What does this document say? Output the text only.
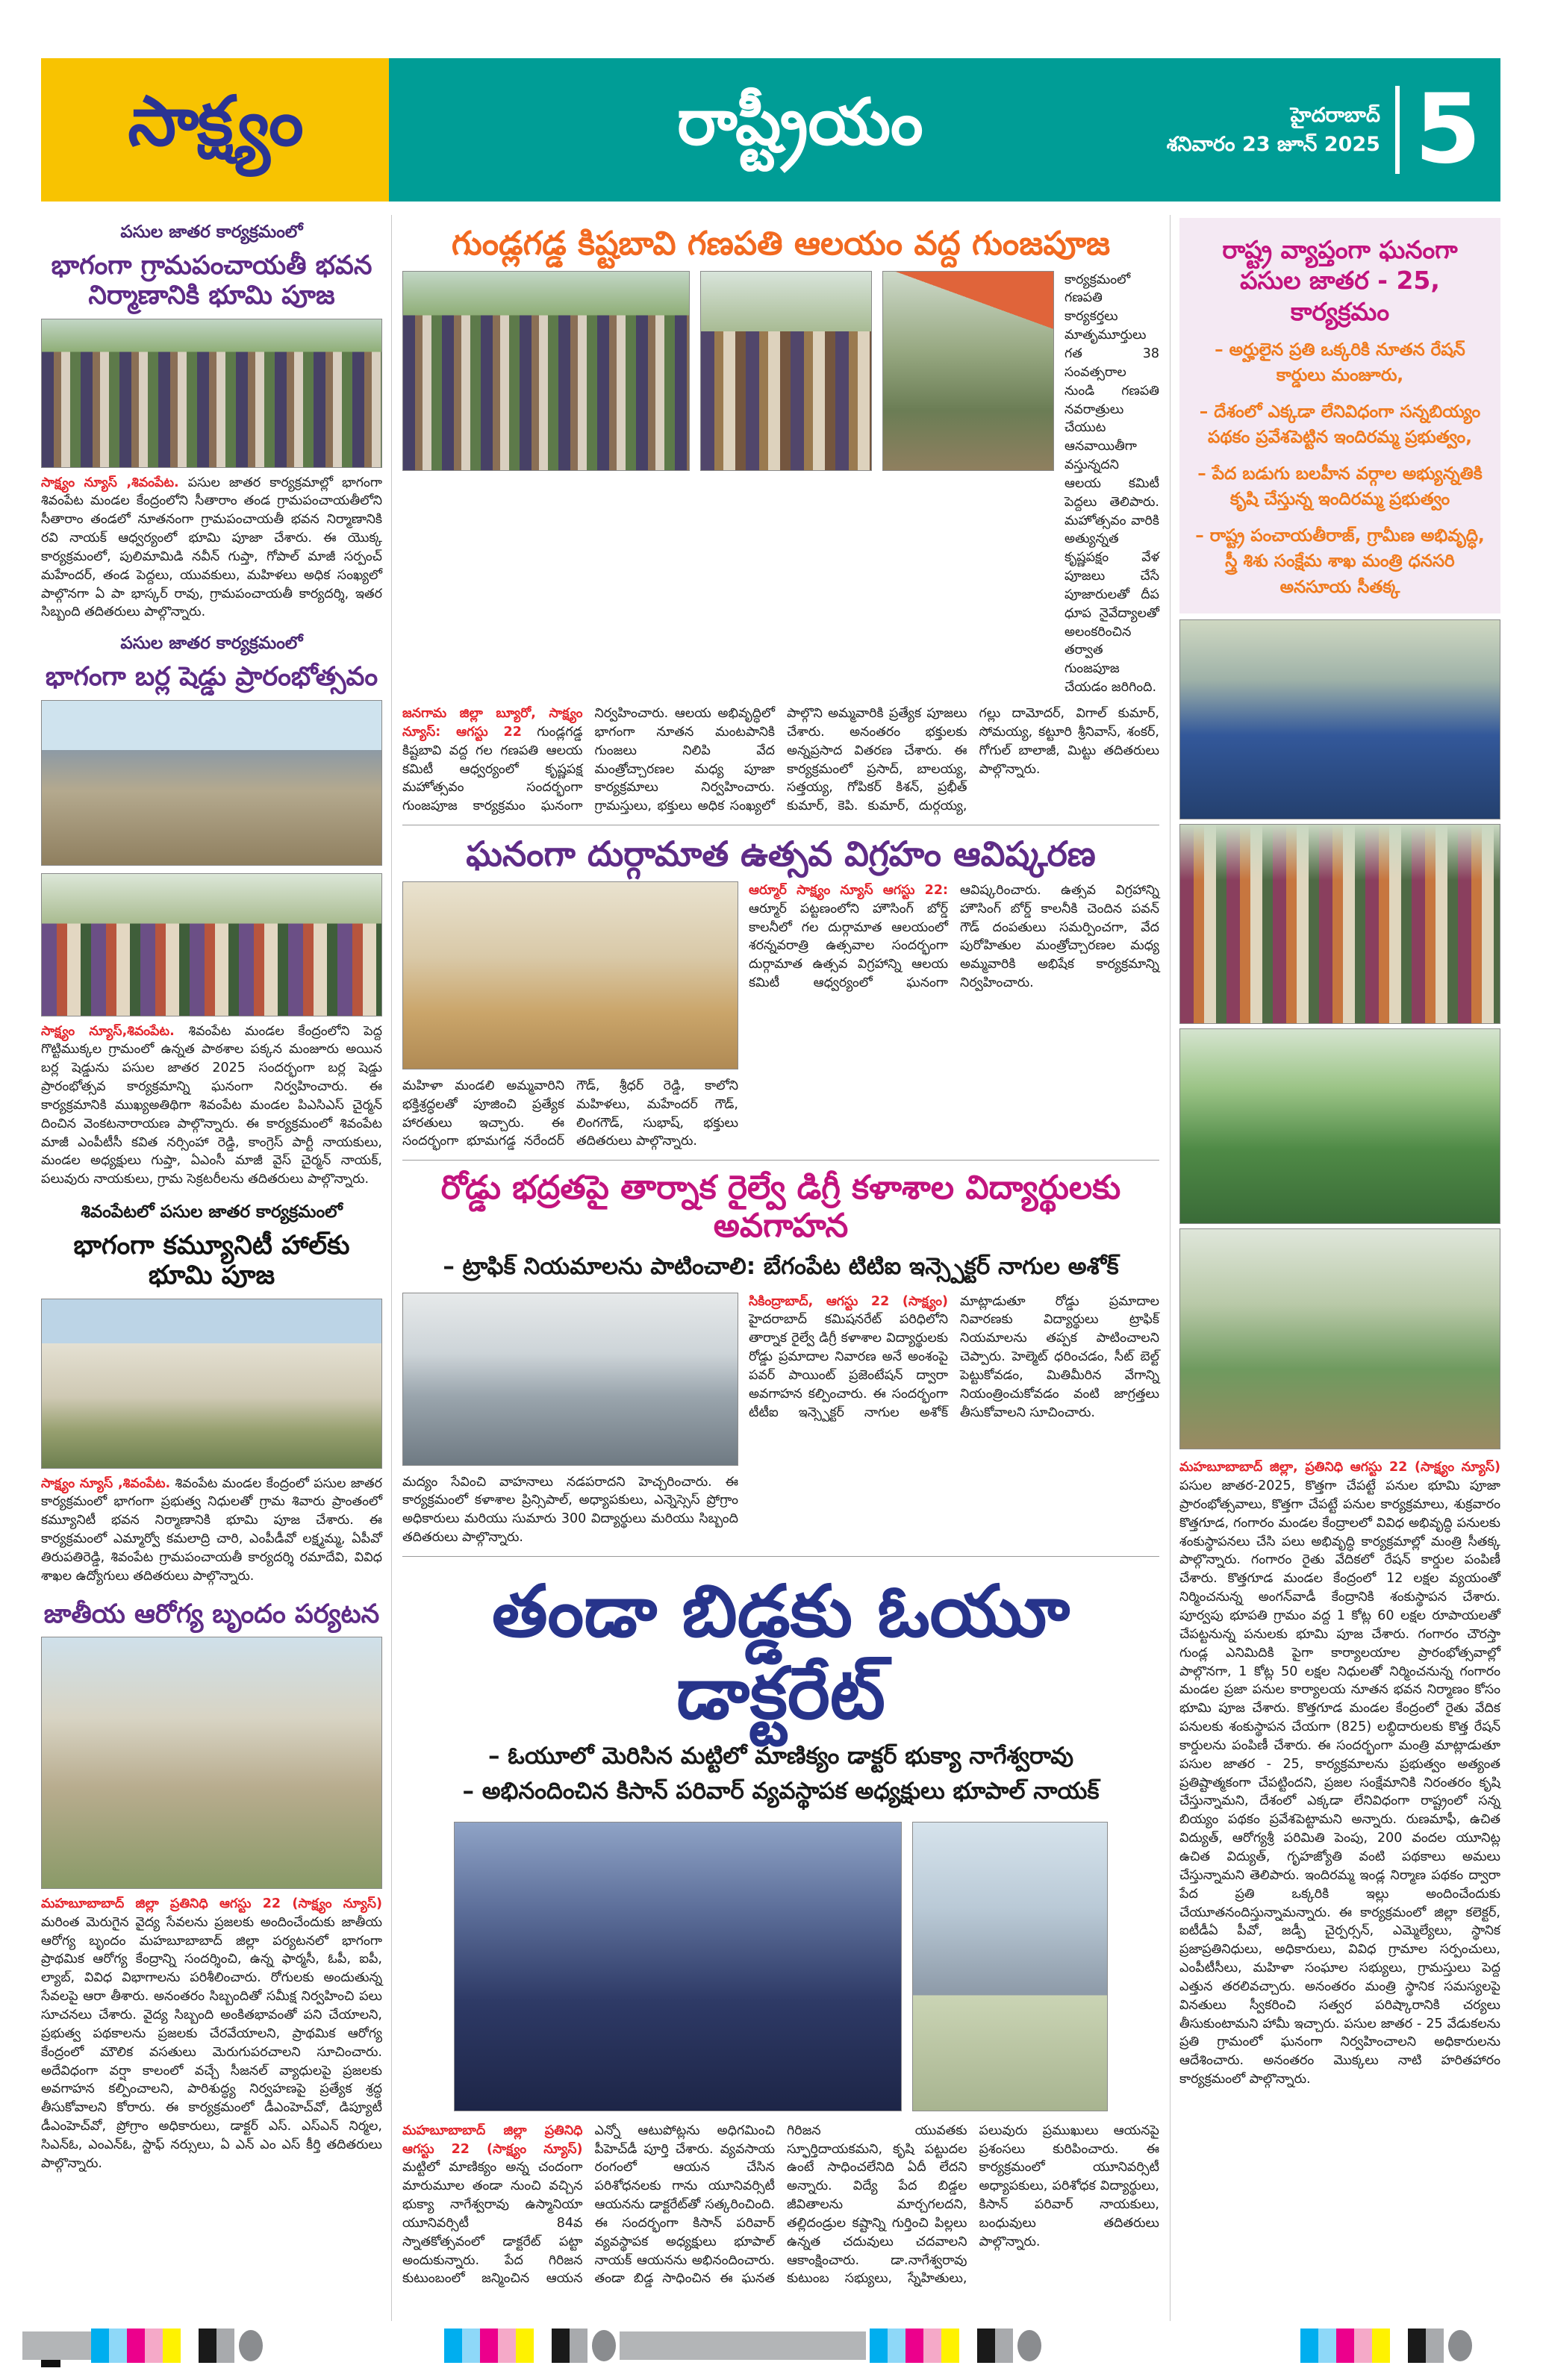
సాక్ష్యం	రాష్ట్రీయం	హైదరాబాద్
శనివారం 23 జూన్ 2025 5
పసుల జాతర కార్యక్రమంలో
భాగంగా గ్రామపంచాయతీ భవన నిర్మాణానికి భూమి పూజ

సాక్ష్యం న్యూస్ ,శివంపేట. పసుల జాతర కార్యక్రమాల్లో భాగంగా శివంపేట మండల కేంద్రంలోని సీతారాం తండ గ్రామపంచాయతీలోని సీతారాం తండలో నూతనంగా గ్రామపంచాయతీ భవన నిర్మాణానికి రవి నాయక్ ఆధ్వర్యంలో భూమి పూజా చేశారు. ఈ యొక్క కార్యక్రమంలో, పులిమామిడి నవీన్ గుప్తా, గోపాల్ మాజీ సర్పంచ్ మహేందర్, తండ పెద్దలు, యువకులు, మహిళలు అధిక సంఖ్యలో పాల్గొనగా ఏ పా భాస్కర్ రావు, గ్రామపంచాయతీ కార్యదర్శి, ఇతర సిబ్బంది తదితరులు పాల్గొన్నారు.

పసుల జాతర కార్యక్రమంలో
భాగంగా బర్ల షెడ్డు ప్రారంభోత్సవం

సాక్ష్యం న్యూస్,శివంపేట. శివంపేట మండల కేంద్రంలోని పెద్ద గొట్టిముక్కల గ్రామంలో ఉన్నత పాఠశాల పక్కన మంజూరు అయిన బర్ల షెడ్డును పసుల జాతర 2025 సందర్భంగా బర్ల షెడ్డు ప్రారంభోత్సవ కార్యక్రమాన్ని ఘనంగా నిర్వహించారు. ఈ కార్యక్రమానికి ముఖ్యఅతిథిగా శివంపేట మండల పిఎసిఎస్ చైర్మన్ దించిన వెంకటనారాయణ పాల్గొన్నారు. ఈ కార్యక్రమంలో శివంపేట మాజీ ఎంపీటీసీ కవిత నర్సింహా రెడ్డి, కాంగ్రెస్ పార్టీ నాయకులు, మండల అధ్యక్షులు గుప్తా, ఏఎంసీ మాజీ వైస్ చైర్మన్ నాయక్, పలువురు నాయకులు, గ్రామ సెక్రటరీలను తదితరులు పాల్గొన్నారు.

శివంపేటలో పసుల జాతర కార్యక్రమంలో
భాగంగా కమ్యూనిటీ హాల్‌కు భూమి పూజ

సాక్ష్యం న్యూస్ ,శివంపేట. శివంపేట మండల కేంద్రంలో పసుల జాతర కార్యక్రమంలో భాగంగా ప్రభుత్వ నిధులతో గ్రామ శివారు ప్రాంతంలో కమ్యూనిటీ భవన నిర్మాణానికి భూమి పూజ చేశారు. ఈ కార్యక్రమంలో ఎమ్మార్వో కమలాద్రి చారి, ఎంపీడీవో లక్ష్మమ్మ, ఏపీవో తిరుపతిరెడ్డి, శివంపేట గ్రామపంచాయతీ కార్యదర్శి రమాదేవి, వివిధ శాఖల ఉద్యోగులు తదితరులు పాల్గొన్నారు.

జాతీయ ఆరోగ్య బృందం పర్యటన

మహబూబాబాద్ జిల్లా ప్రతినిధి ఆగస్టు 22 (సాక్ష్యం న్యూస్) మరింత మెరుగైన వైద్య సేవలను ప్రజలకు అందించేందుకు జాతీయ ఆరోగ్య బృందం మహబూబాబాద్ జిల్లా పర్యటనలో భాగంగా ప్రాథమిక ఆరోగ్య కేంద్రాన్ని సందర్శించి, ఉన్న ఫార్మసీ, ఓపీ, ఐపీ, ల్యాబ్, వివిధ విభాగాలను పరిశీలించారు. రోగులకు అందుతున్న సేవలపై ఆరా తీశారు. అనంతరం సిబ్బందితో సమీక్ష నిర్వహించి పలు సూచనలు చేశారు. వైద్య సిబ్బంది అంకితభావంతో పని చేయాలని, ప్రభుత్వ పథకాలను ప్రజలకు చేరవేయాలని, ప్రాథమిక ఆరోగ్య కేంద్రంలో మౌలిక వసతులు మెరుగుపరచాలని సూచించారు. అదేవిధంగా వర్షా కాలంలో వచ్చే సీజనల్ వ్యాధులపై ప్రజలకు అవగాహన కల్పించాలని, పారిశుద్ధ్య నిర్వహణపై ప్రత్యేక శ్రద్ధ తీసుకోవాలని కోరారు. ఈ కార్యక్రమంలో డీఎంహెచ్‌వో, డిప్యూటీ డీఎంహెచ్‌వో, ప్రోగ్రాం అధికారులు, డాక్టర్ ఎస్. ఎస్ఎన్ నిర్మల, సిఎన్ఓ, ఎంఎన్ఓ, స్టాఫ్ నర్సులు, ఏ ఎన్ ఎం ఎస్ కీర్తి తదితరులు పాల్గొన్నారు.

గుండ్లగడ్డ కిష్టబావి గణపతి ఆలయం వద్ద గుంజపూజ

కార్యక్రమంలో గణపతి కార్యకర్తలు మాతృమూర్తులు గత 38 సంవత్సరాల నుండి గణపతి నవరాత్రులు చేయుట ఆనవాయితీగా వస్తున్నదని ఆలయ కమిటీ పెద్దలు తెలిపారు. మహోత్సవం వారికి అత్యున్నత కృష్ణపక్షం వేళ పూజలు చేసే పూజారులతో దీప ధూప నైవేద్యాలతో అలంకరించిన తర్వాత గుంజపూజ చేయడం జరిగింది.

జనగామ జిల్లా బ్యూరో, సాక్ష్యం న్యూస్: ఆగస్టు 22 గుండ్లగడ్డ కిష్టబావి వద్ద గల గణపతి ఆలయ కమిటీ ఆధ్వర్యంలో కృష్ణపక్ష మహోత్సవం సందర్భంగా గుంజపూజ కార్యక్రమం ఘనంగా నిర్వహించారు. ఆలయ అభివృద్ధిలో భాగంగా నూతన మంటపానికి గుంజలు నిలిపి వేద మంత్రోచ్చారణల మధ్య పూజా కార్యక్రమాలు నిర్వహించారు. గ్రామస్తులు, భక్తులు అధిక సంఖ్యలో పాల్గొని అమ్మవారికి ప్రత్యేక పూజలు చేశారు. అనంతరం భక్తులకు అన్నప్రసాద వితరణ చేశారు. ఈ కార్యక్రమంలో ప్రసాద్, బాలయ్య, సత్తయ్య, గోపికర్ కిశన్, ప్రభీత్ కుమార్, కెపి. కుమార్, దుర్గయ్య, గల్లు దామోదర్, విగాల్ కుమార్, సోమయ్య, కట్టూరి శ్రీనివాస్, శంకర్, గోగుల్ బాలాజీ, మిట్టు తదితరులు పాల్గొన్నారు.

ఘనంగా దుర్గామాత ఉత్సవ విగ్రహం ఆవిష్కరణ

మహిళా మండలి అమ్మవారిని భక్తిశ్రద్ధలతో పూజించి ప్రత్యేక హారతులు ఇచ్చారు. ఈ సందర్భంగా భూమగడ్డ నరేందర్ గౌడ్, శ్రీధర్ రెడ్డి, కాలోని మహిళలు, మహేందర్ గౌడ్, లింగగౌడ్, సుభాష్, భక్తులు తదితరులు పాల్గొన్నారు.

ఆర్మూర్ సాక్ష్యం న్యూస్ ఆగస్టు 22: ఆర్మూర్ పట్టణంలోని హౌసింగ్ బోర్డ్ కాలనీలో గల దుర్గామాత ఆలయంలో శరన్నవరాత్రి ఉత్సవాల సందర్భంగా దుర్గామాత ఉత్సవ విగ్రహాన్ని ఆలయ కమిటీ ఆధ్వర్యంలో ఘనంగా ఆవిష్కరించారు. ఉత్సవ విగ్రహాన్ని హౌసింగ్ బోర్డ్ కాలనీకి చెందిన పవన్ గౌడ్ దంపతులు సమర్పించగా, వేద పురోహితుల మంత్రోచ్చారణల మధ్య అమ్మవారికి అభిషేక కార్యక్రమాన్ని నిర్వహించారు.

రోడ్డు భద్రతపై తార్నాక రైల్వే డిగ్రీ కళాశాల విద్యార్థులకు అవగాహన
– ట్రాఫిక్ నియమాలను పాటించాలి: బేగంపేట టిటిఐ ఇన్స్పెక్టర్ నాగుల అశోక్

మద్యం సేవించి వాహనాలు నడపరాదని హెచ్చరించారు. ఈ కార్యక్రమంలో కళాశాల ప్రిన్సిపాల్, అధ్యాపకులు, ఎన్నెస్సెస్ ప్రోగ్రాం అధికారులు మరియు సుమారు 300 విద్యార్థులు మరియు సిబ్బంది తదితరులు పాల్గొన్నారు.

సికింద్రాబాద్, ఆగస్టు 22 (సాక్ష్యం) హైదరాబాద్ కమిషనరేట్ పరిధిలోని తార్నాక రైల్వే డిగ్రీ కళాశాల విద్యార్థులకు రోడ్డు ప్రమాదాల నివారణ అనే అంశంపై పవర్ పాయింట్ ప్రజెంటేషన్ ద్వారా అవగాహన కల్పించారు. ఈ సందర్భంగా టీటీఐ ఇన్స్పెక్టర్ నాగుల అశోక్ మాట్లాడుతూ రోడ్డు ప్రమాదాల నివారణకు విద్యార్థులు ట్రాఫిక్ నియమాలను తప్పక పాటించాలని చెప్పారు. హెల్మెట్ ధరించడం, సీట్ బెల్ట్ పెట్టుకోవడం, మితిమీరిన వేగాన్ని నియంత్రించుకోవడం వంటి జాగ్రత్తలు తీసుకోవాలని సూచించారు.

తండా బిడ్డకు ఓయూ డాక్టరేట్
– ఓయూలో మెరిసిన మట్టిలో మాణిక్యం డాక్టర్ భుక్యా నాగేశ్వరావు
– అభినందించిన కిసాన్ పరివార్ వ్యవస్థాపక అధ్యక్షులు భూపాల్ నాయక్

మహబూబాబాద్ జిల్లా ప్రతినిధి ఆగస్టు 22 (సాక్ష్యం న్యూస్) మట్టిలో మాణిక్యం అన్న చందంగా మారుమూల తండా నుంచి వచ్చిన భుక్యా నాగేశ్వరావు ఉస్మానియా యూనివర్సిటీ 84వ స్నాతకోత్సవంలో డాక్టరేట్ పట్టా అందుకున్నారు. పేద గిరిజన కుటుంబంలో జన్మించిన ఆయన ఎన్నో ఆటుపోట్లను అధిగమించి పీహెచ్‌డీ పూర్తి చేశారు. వ్యవసాయ రంగంలో ఆయన చేసిన పరిశోధనలకు గాను యూనివర్సిటీ ఆయనను డాక్టరేట్‌తో సత్కరించింది. ఈ సందర్భంగా కిసాన్ పరివార్ వ్యవస్థాపక అధ్యక్షులు భూపాల్ నాయక్ ఆయనను అభినందించారు. తండా బిడ్డ సాధించిన ఈ ఘనత గిరిజన యువతకు స్ఫూర్తిదాయకమని, కృషి పట్టుదల ఉంటే సాధించలేనిది ఏదీ లేదని అన్నారు. విద్యే పేద బిడ్డల జీవితాలను మార్చగలదని, తల్లిదండ్రుల కష్టాన్ని గుర్తించి పిల్లలు ఉన్నత చదువులు చదవాలని ఆకాంక్షించారు. డా.నాగేశ్వరావు కుటుంబ సభ్యులు, స్నేహితులు, పలువురు ప్రముఖులు ఆయనపై ప్రశంసలు కురిపించారు. ఈ కార్యక్రమంలో యూనివర్సిటీ అధ్యాపకులు, పరిశోధక విద్యార్థులు, కిసాన్ పరివార్ నాయకులు, బంధువులు తదితరులు పాల్గొన్నారు.

రాష్ట్ర వ్యాప్తంగా ఘనంగా
పసుల జాతర - 25, కార్యక్రమం
– అర్హులైన ప్రతి ఒక్కరికి నూతన రేషన్ కార్డులు మంజూరు,
– దేశంలో ఎక్కడా లేనివిధంగా సన్నబియ్యం పథకం ప్రవేశపెట్టిన ఇందిరమ్మ ప్రభుత్వం,
– పేద బడుగు బలహీన వర్గాల అభ్యున్నతికి కృషి చేస్తున్న ఇందిరమ్మ ప్రభుత్వం
– రాష్ట్ర పంచాయతీరాజ్, గ్రామీణ అభివృద్ధి, స్త్రీ శిశు సంక్షేమ శాఖ మంత్రి ధనసరి అనసూయ సీతక్క

మహబూబాబాద్ జిల్లా, ప్రతినిధి ఆగస్టు 22 (సాక్ష్యం న్యూస్) పసుల జాతర-2025, కొత్తగా చేపట్టే పనుల భూమి పూజా ప్రారంభోత్సవాలు, కొత్తగా చేపట్టే పనుల కార్యక్రమాలు, శుక్రవారం కొత్తగూడ, గంగారం మండల కేంద్రాలలో వివిధ అభివృద్ధి పనులకు శంకుస్థాపనలు చేసి పలు అభివృద్ధి కార్యక్రమాల్లో మంత్రి సీతక్క పాల్గొన్నారు. గంగారం రైతు వేదికలో రేషన్ కార్డుల పంపిణీ చేశారు. కొత్తగూడ మండల కేంద్రంలో 12 లక్షల వ్యయంతో నిర్మించనున్న అంగన్‌వాడీ కేంద్రానికి శంకుస్థాపన చేశారు. పూర్వపు భూపతి గ్రామం వద్ద 1 కోట్ల 60 లక్షల రూపాయలతో చేపట్టనున్న పనులకు భూమి పూజ చేశారు. గంగారం చౌరస్తా గుండ్ల ఎనిమిదికి పైగా కార్యాలయాల ప్రారంభోత్సవాల్లో పాల్గొనగా, 1 కోట్ల 50 లక్షల నిధులతో నిర్మించనున్న గంగారం మండల ప్రజా పనుల కార్యాలయ నూతన భవన నిర్మాణం కోసం భూమి పూజ చేశారు. కొత్తగూడ మండల కేంద్రంలో రైతు వేదిక పనులకు శంకుస్థాపన చేయగా (825) లబ్ధిదారులకు కొత్త రేషన్ కార్డులను పంపిణీ చేశారు. ఈ సందర్భంగా మంత్రి మాట్లాడుతూ పసుల జాతర - 25, కార్యక్రమాలను ప్రభుత్వం అత్యంత ప్రతిష్టాత్మకంగా చేపట్టిందని, ప్రజల సంక్షేమానికి నిరంతరం కృషి చేస్తున్నామని, దేశంలో ఎక్కడా లేనివిధంగా రాష్ట్రంలో సన్న బియ్యం పథకం ప్రవేశపెట్టామని అన్నారు. రుణమాఫీ, ఉచిత విద్యుత్, ఆరోగ్యశ్రీ పరిమితి పెంపు, 200 వందల యూనిట్ల ఉచిత విద్యుత్, గృహజ్యోతి వంటి పథకాలు అమలు చేస్తున్నామని తెలిపారు. ఇందిరమ్మ ఇండ్ల నిర్మాణ పథకం ద్వారా పేద ప్రతి ఒక్కరికి ఇల్లు అందించేందుకు చేయూతనందిస్తున్నామన్నారు. ఈ కార్యక్రమంలో జిల్లా కలెక్టర్, ఐటీడీఏ పీవో, జడ్పీ చైర్పర్సన్, ఎమ్మెల్యేలు, స్థానిక ప్రజాప్రతినిధులు, అధికారులు, వివిధ గ్రామాల సర్పంచులు, ఎంపీటీసీలు, మహిళా సంఘాల సభ్యులు, గ్రామస్తులు పెద్ద ఎత్తున తరలివచ్చారు. అనంతరం మంత్రి స్థానిక సమస్యలపై వినతులు స్వీకరించి సత్వర పరిష్కారానికి చర్యలు తీసుకుంటామని హామీ ఇచ్చారు. పసుల జాతర - 25 వేడుకలను ప్రతి గ్రామంలో ఘనంగా నిర్వహించాలని అధికారులను ఆదేశించారు. అనంతరం మొక్కలు నాటి హరితహారం కార్యక్రమంలో పాల్గొన్నారు.
